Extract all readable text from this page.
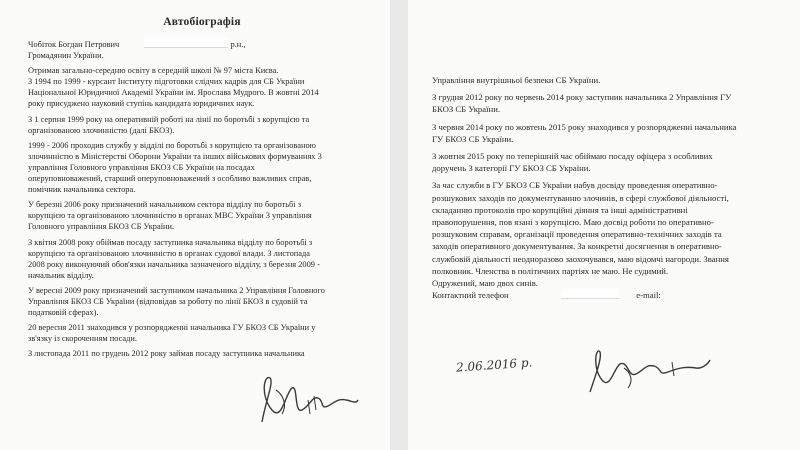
Автобіографія

Чобіток Богдан Петрович	р.н.,

Громадянин України.

Отримав загально-середню освіту в середній школі № 97 міста Києва.

З 1994 по 1999 - курсант Інституту підготовки слідчих кадрів для СБ України

Національної Юридичної Академії України ім. Ярослава Мудрого. В жовтні 2014

року присуджено науковий ступінь кандидата юридичних наук.

З 1 серпня 1999 року на оперативній роботі на лінії по боротьбі з корупцією та

організованою злочинністю (далі БКОЗ).

1999 - 2006 проходив службу у відділі по боротьбі з корупцією та організованою

злочинністю в Міністерстві Оборони України та інших військових формуваннях 3

управління Головного управління БКОЗ СБ України на посадах

оперуповноважений, старший оперуповноважений з особливо важливих справ,

помічник начальника сектора.

У березні 2006 року призначений начальником сектора відділу по боротьбі з

корупцією та організованою злочинністю в органах МВС України 3 управління

Головного управління БКОЗ СБ України.

З квітня 2008 року обіймав посаду заступника начальника відділу по боротьбі з

корупцією та організованою злочинністю в органах судової влади. З листопада

2008 року виконуючий обов'язки начальника зазначеного відділу, з березня 2009 -

начальник відділу.

У вересні 2009 року призначений заступником начальника 2 Управління Головного

Управління БКОЗ СБ України (відповідав за роботу по лінії БКОЗ в судовій та

податковій сферах).

20 вересня 2011 знаходився у розпорядженні начальника ГУ БКОЗ СБ України у

зв'язку із скороченням посади.

З листопада 2011 по грудень 2012 року займав посаду заступника начальника

Управління внутрішньої безпеки СБ України.

З грудня 2012 року по червень 2014 року заступник начальника 2 Управління ГУ

БКОЗ СБ України.

З червня 2014 року по жовтень 2015 року знаходився у розпорядженні начальника

ГУ БКОЗ СБ України.

З жовтня 2015 року по теперішній час обіймаю посаду офіцера з особливих

доручень 3 категорії ГУ БКОЗ СБ України.

За час служби в ГУ БКОЗ СБ України набув досвіду проведення оперативно-

розшукових заходів по документуванню злочинів, в сфері службової діяльності,

складанню протоколів про корупційні діяння та інші адміністративні

правопорушення, пов язані з корупцією. Маю досвід роботи по оперативно-

розшуковим справам, організації проведення оперативно-технічних заходів та

заходів оперативного документування. За конкретні досягнення в оперативно-

службовій діяльності неодноразово заохочувався, маю відомчі нагороди. Звання

полковник. Членства в політичних партіях не маю. Не судимий.

Одружений, маю двох синів.

Контактний телефон	e-mail:

2.06.2016 р.
